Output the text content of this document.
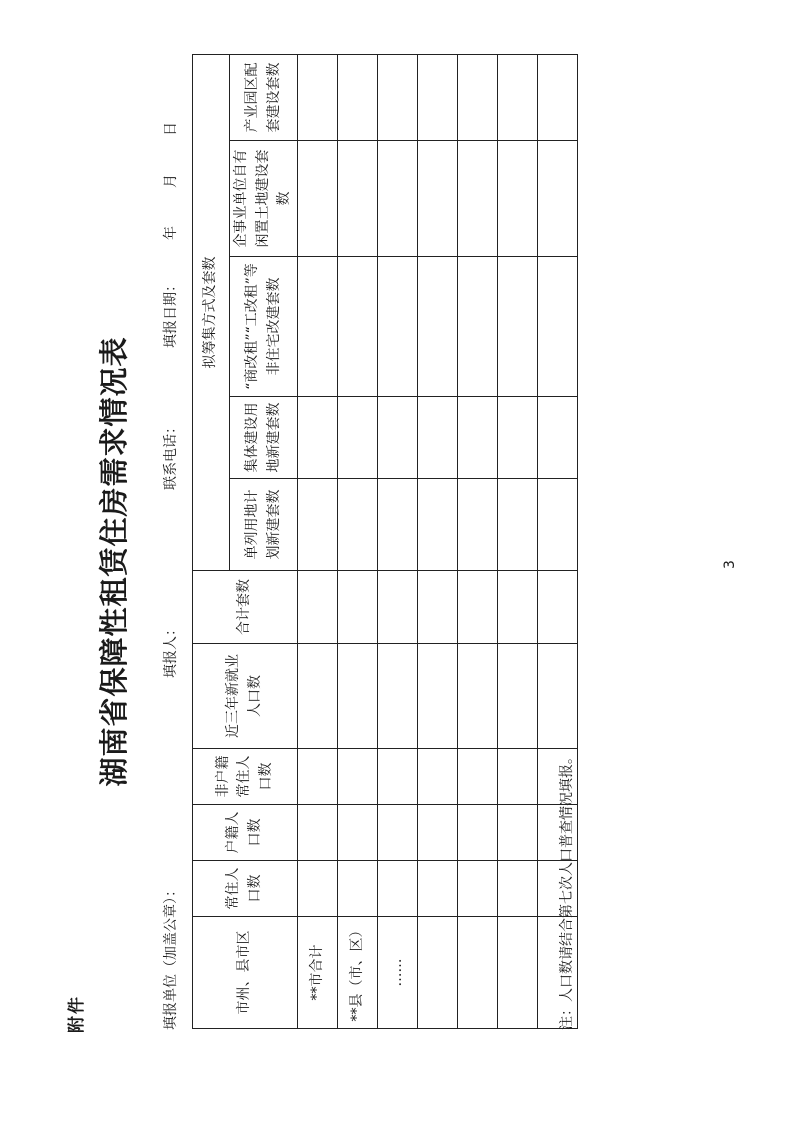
附件
湖南省保障性租赁住房需求情况表
填报单位（加盖公章）：
填报人：
联系电话：
填报日期：年月日
市州、县市区	常住人口数	户籍人口数	非户籍常住人口数	近三年新就业人口数	合计套数	拟筹集方式及套数				
						单列用地计划新建套数	集体建设用地新建套数	“商改租”“工改租”等非住宅改建套数	企事业单位自有闲置土地建设套数	产业园区配套建设套数
**市合计										
**县（市、区）										
……										

											注：人口数请结合第七次人口普查情况填报。
3
